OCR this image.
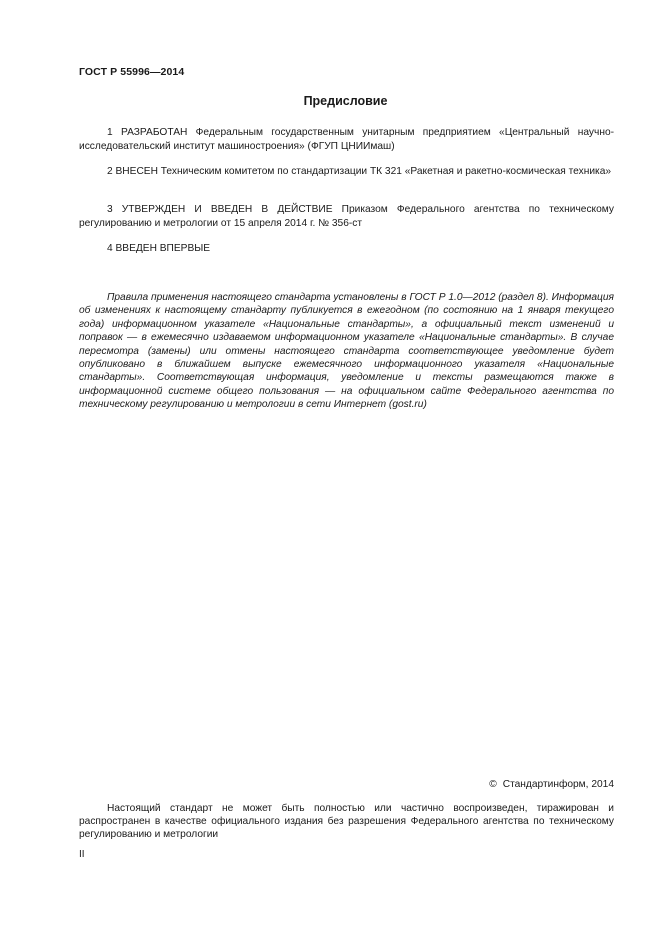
ГОСТ Р 55996—2014
Предисловие

1 РАЗРАБОТАН Федеральным государственным унитарным предприятием «Центральный научно-исследовательский институт машиностроения» (ФГУП ЦНИИмаш)

2 ВНЕСЕН Техническим комитетом по стандартизации ТК 321 «Ракетная и ракетно-космическая техника»

3 УТВЕРЖДЕН И ВВЕДЕН В ДЕЙСТВИЕ Приказом Федерального агентства по техническому регулированию и метрологии от 15 апреля 2014 г. № 356-ст

4 ВВЕДЕН ВПЕРВЫЕ

Правила применения настоящего стандарта установлены в ГОСТ Р 1.0—2012 (раздел 8). Информация об изменениях к настоящему стандарту публикуется в ежегодном (по состоянию на 1 января текущего года) информационном указателе «Национальные стандарты», а официальный текст изменений и поправок — в ежемесячно издаваемом информационном указателе «Национальные стандарты». В случае пересмотра (замены) или отмены настоящего стандарта соответствующее уведомление будет опубликовано в ближайшем выпуске ежемесячного информационного указателя «Национальные стандарты». Соответствующая информация, уведомление и тексты размещаются также в информационной системе общего пользования — на официальном сайте Федерального агентства по техническому регулированию и метрологии в сети Интернет (gost.ru)

© Стандартинформ, 2014

Настоящий стандарт не может быть полностью или частично воспроизведен, тиражирован и распространен в качестве официального издания без разрешения Федерального агентства по техническому регулированию и метрологии

II
